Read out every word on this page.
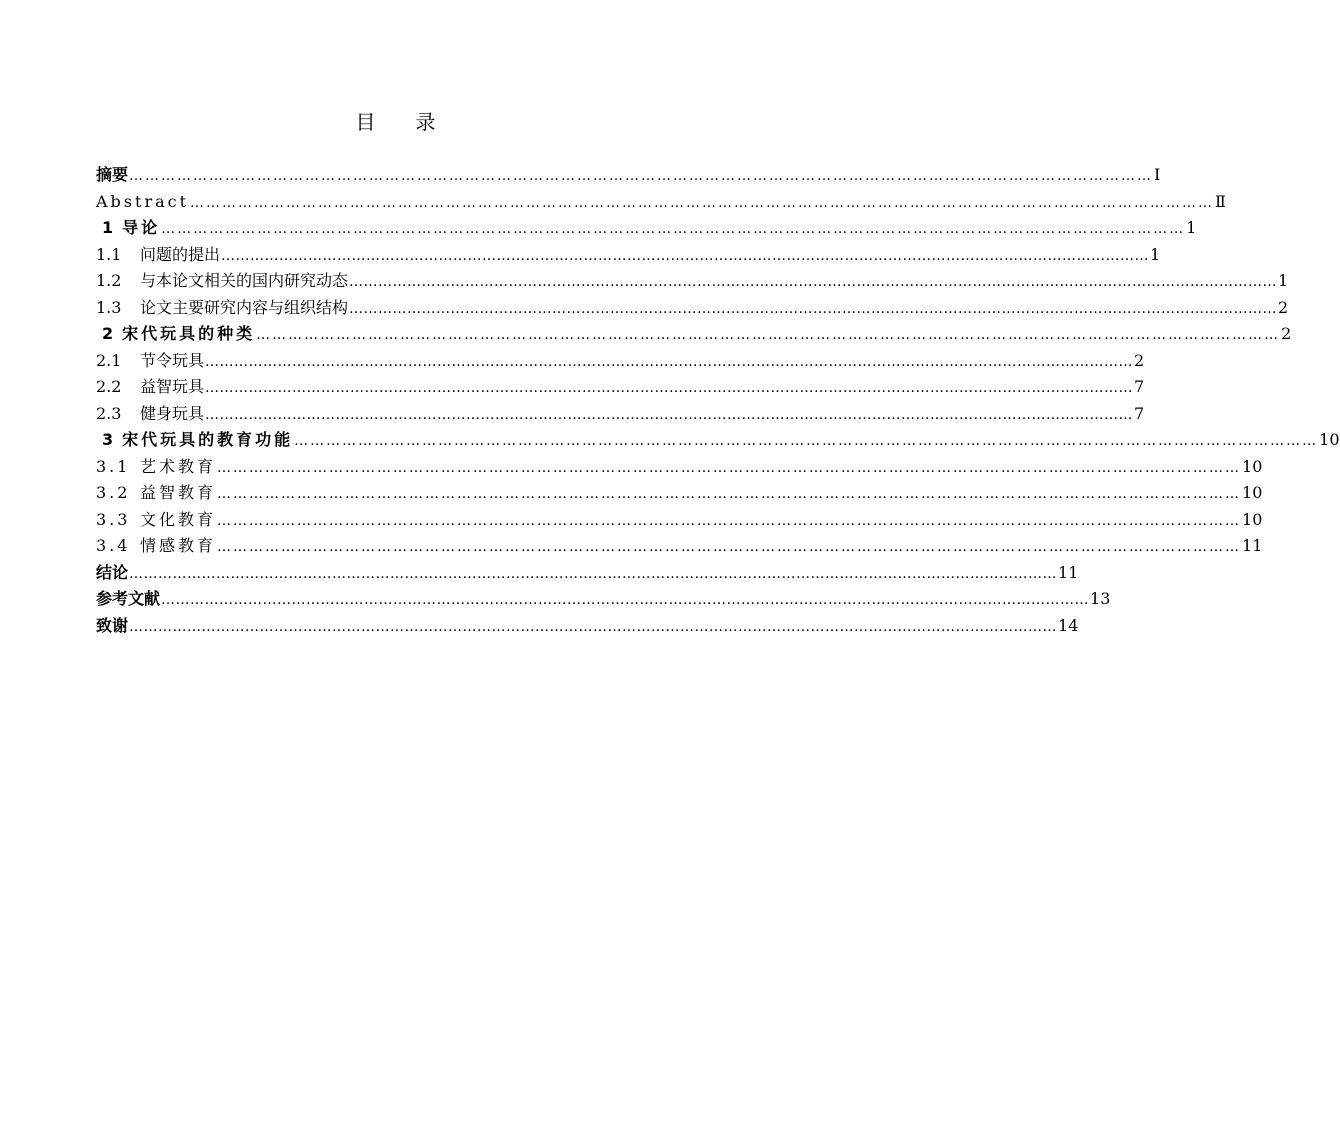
目 录
摘要 ………………………………………………………………………………………………………………………………………………………………………… Ⅰ
Abstract ………………………………………………………………………………………………………………………………………………………………………… Ⅱ
1 导论 ………………………………………………………………………………………………………………………………………………………………………… 1
1.1 问题的提出 ………………………………………………………………………………………………………………………………………………………………………… 1
1.2 与本论文相关的国内研究动态 ………………………………………………………………………………………………………………………………………………………………………… 1
1.3 论文主要研究内容与组织结构 ………………………………………………………………………………………………………………………………………………………………………… 2
2 宋代玩具的种类 ………………………………………………………………………………………………………………………………………………………………………… 2
2.1 节令玩具 ………………………………………………………………………………………………………………………………………………………………………… 2
2.2 益智玩具 ………………………………………………………………………………………………………………………………………………………………………… 7
2.3 健身玩具 ………………………………………………………………………………………………………………………………………………………………………… 7
3 宋代玩具的教育功能 ………………………………………………………………………………………………………………………………………………………………………… 10
3.1 艺术教育 ………………………………………………………………………………………………………………………………………………………………………… 10
3.2 益智教育 ………………………………………………………………………………………………………………………………………………………………………… 10
3.3 文化教育 ………………………………………………………………………………………………………………………………………………………………………… 10
3.4 情感教育 ………………………………………………………………………………………………………………………………………………………………………… 11
结论 ………………………………………………………………………………………………………………………………………………………………………… 11
参考文献 ………………………………………………………………………………………………………………………………………………………………………… 13
致谢 ………………………………………………………………………………………………………………………………………………………………………… 14
